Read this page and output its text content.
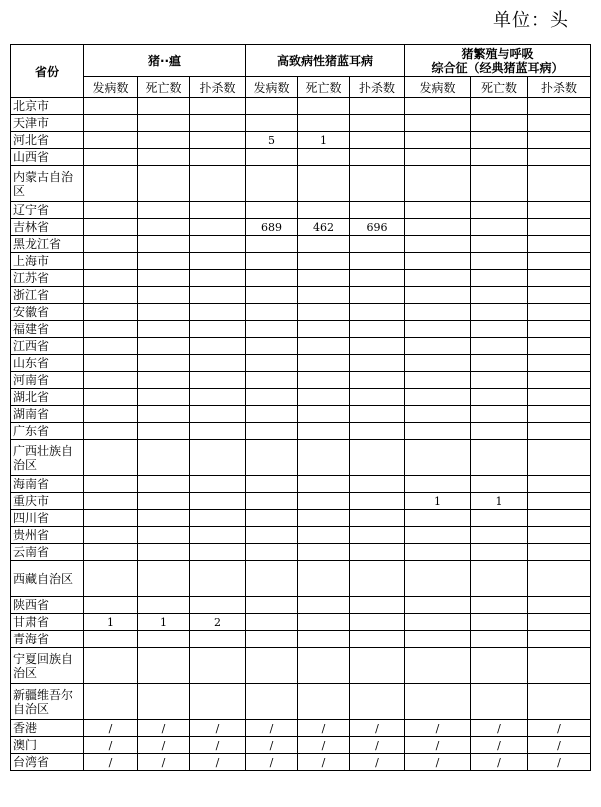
单位：头
省份	猪··瘟			高致病性猪蓝耳病			猪繁殖与呼吸
综合征（经典猪蓝耳病）		
	发病数	死亡数	扑杀数	发病数	死亡数	扑杀数	发病数	死亡数	扑杀数
北京市									
天津市									
河北省				5	1				
山西省									
内蒙古自治区									
辽宁省									
吉林省				689	462	696			
黑龙江省									
上海市									
江苏省									
浙江省									
安徽省									
福建省									
江西省									
山东省									
河南省									
湖北省									
湖南省									
广东省									
广西壮族自治区									
海南省									
重庆市							1	1	
四川省									
贵州省									
云南省									
西藏自治区									
陕西省									
甘肃省	1	1	2						
青海省									
宁夏回族自治区									
新疆维吾尔自治区									
香港	/	/	/	/	/	/	/	/	/
澳门	/	/	/	/	/	/	/	/	/
台湾省	/	/	/	/	/	/	/	/	/
